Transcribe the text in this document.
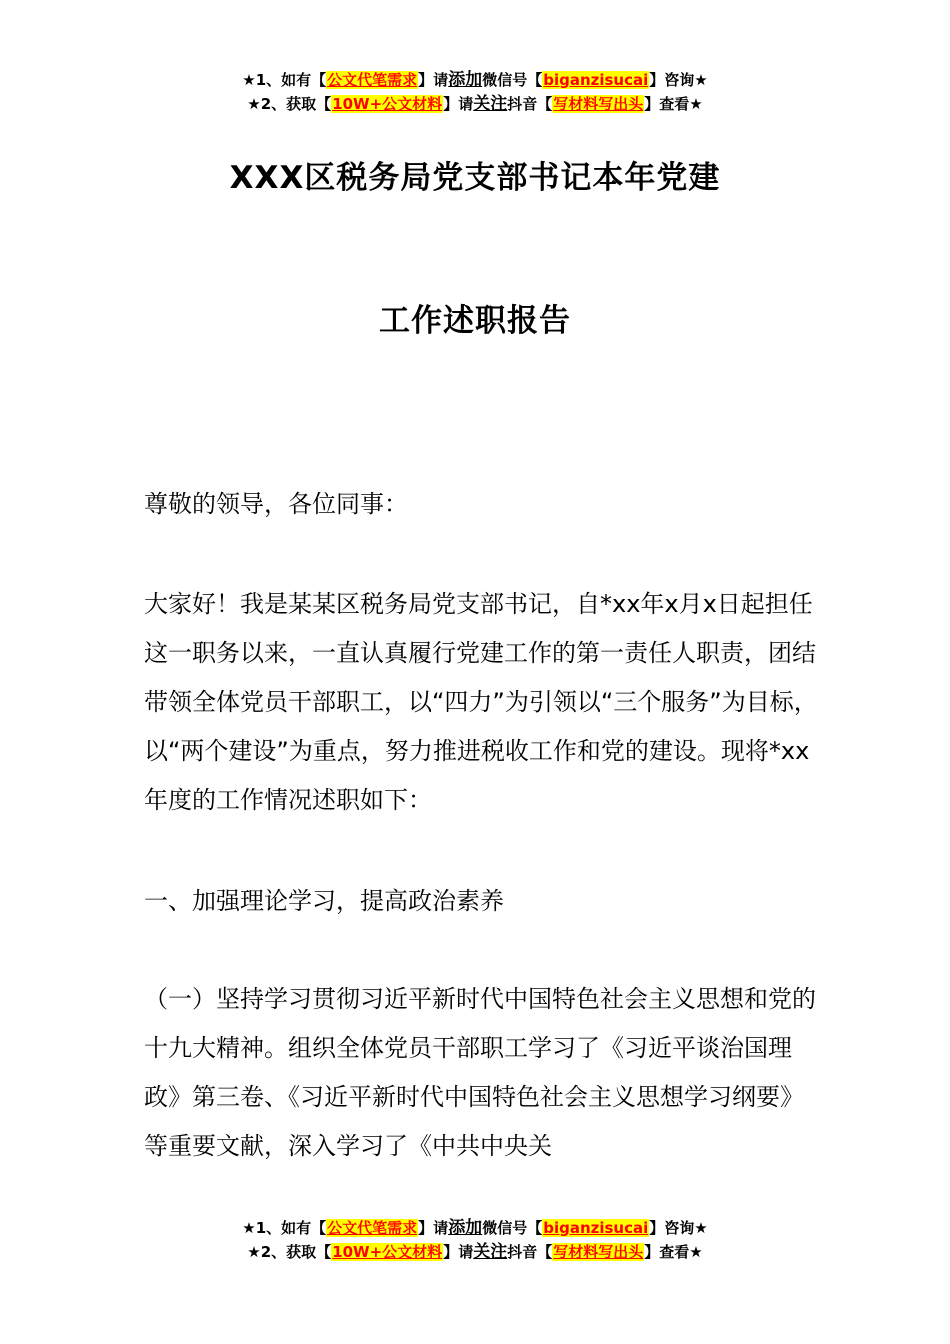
★1、如有【公文代笔需求】请添加微信号【biganzisucai】咨询★
★2、获取【10W+公文材料】请关注抖音【写材料写出头】查看★
XXX区税务局党支部书记本年党建
工作述职报告

尊敬的领导，各位同事：

大家好！我是某某区税务局党支部书记，自*xx年x月x日起担任这一职务以来，一直认真履行党建工作的第一责任人职责，团结带领全体党员干部职工，以“四力”为引领以“三个服务”为目标，以“两个建设”为重点，努力推进税收工作和党的建设。现将*xx年度的工作情况述职如下：

一、加强理论学习，提高政治素养

（一）坚持学习贯彻习近平新时代中国特色社会主义思想和党的十九大精神。组织全体党员干部职工学习了《习近平谈治国理政》第三卷、《习近平新时代中国特色社会主义思想学习纲要》等重要文献，深入学习了《中共中央关

★1、如有【公文代笔需求】请添加微信号【biganzisucai】咨询★
★2、获取【10W+公文材料】请关注抖音【写材料写出头】查看★
